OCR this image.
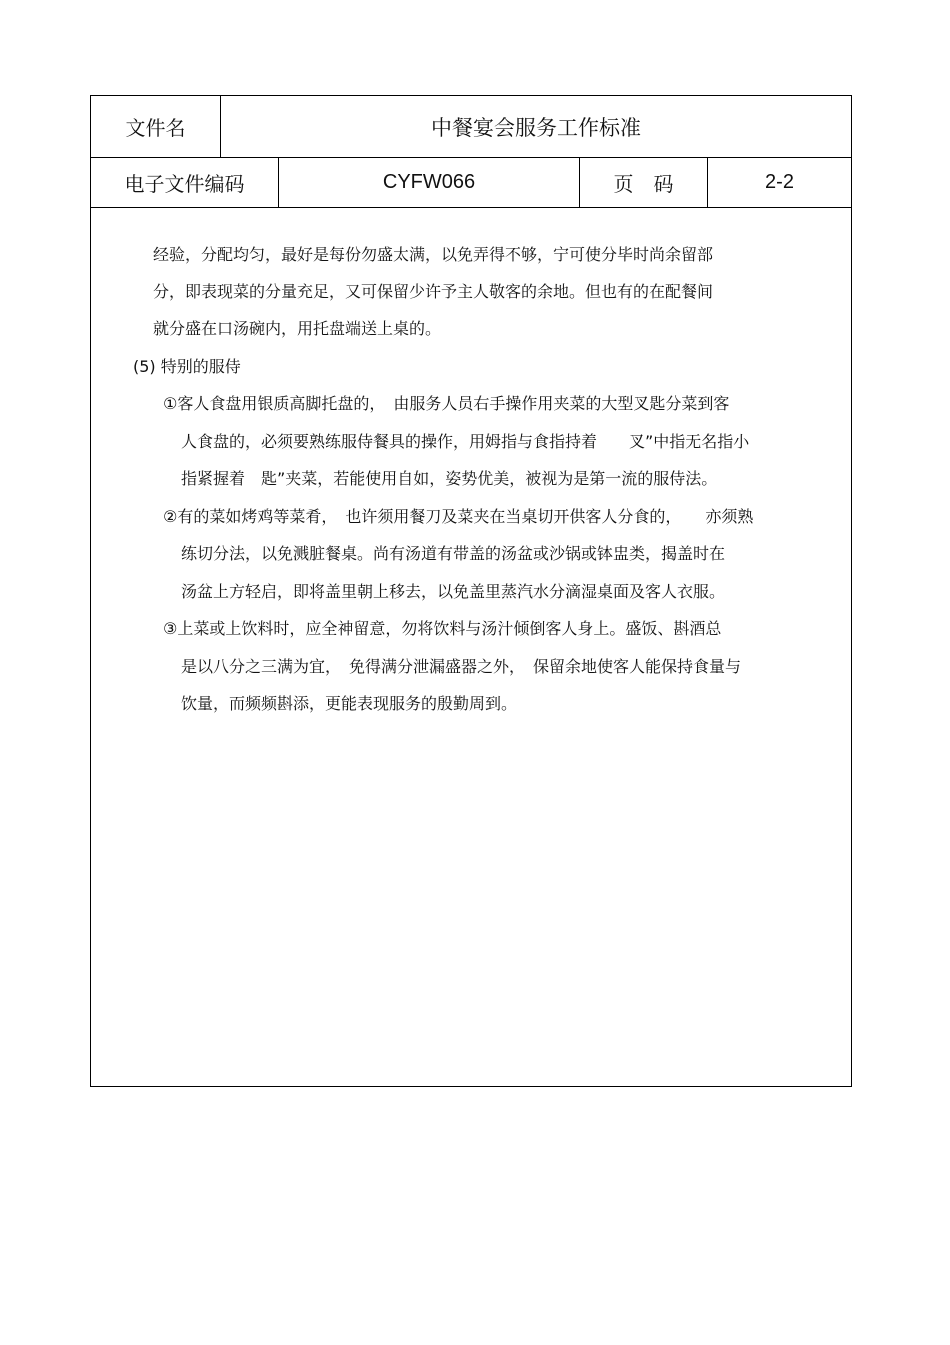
文件名	中餐宴会服务工作标准
电子文件编码	CYFW066	页　码	2-2
经验，分配均匀，最好是每份勿盛太满，以免弄得不够，宁可使分毕时尚余留部
分，即表现菜的分量充足，又可保留少许予主人敬客的余地。但也有的在配餐间
就分盛在口汤碗内，用托盘端送上桌的。
(5) 特别的服侍
①客人食盘用银质高脚托盘的，　由服务人员右手操作用夹菜的大型叉匙分菜到客
人食盘的，必须要熟练服侍餐具的操作，用姆指与食指持着　　叉”中指无名指小
指紧握着　匙”夹菜，若能使用自如，姿势优美，被视为是第一流的服侍法。
②有的菜如烤鸡等菜肴，　也许须用餐刀及菜夹在当桌切开供客人分食的，　　亦须熟
练切分法，以免溅脏餐桌。尚有汤道有带盖的汤盆或沙锅或钵盅类，揭盖时在
汤盆上方轻启，即将盖里朝上移去，以免盖里蒸汽水分滴湿桌面及客人衣服。
③上菜或上饮料时，应全神留意，勿将饮料与汤汁倾倒客人身上。盛饭、斟酒总
是以八分之三满为宜，　免得满分泄漏盛器之外，　保留余地使客人能保持食量与
饮量，而频频斟添，更能表现服务的殷勤周到。
